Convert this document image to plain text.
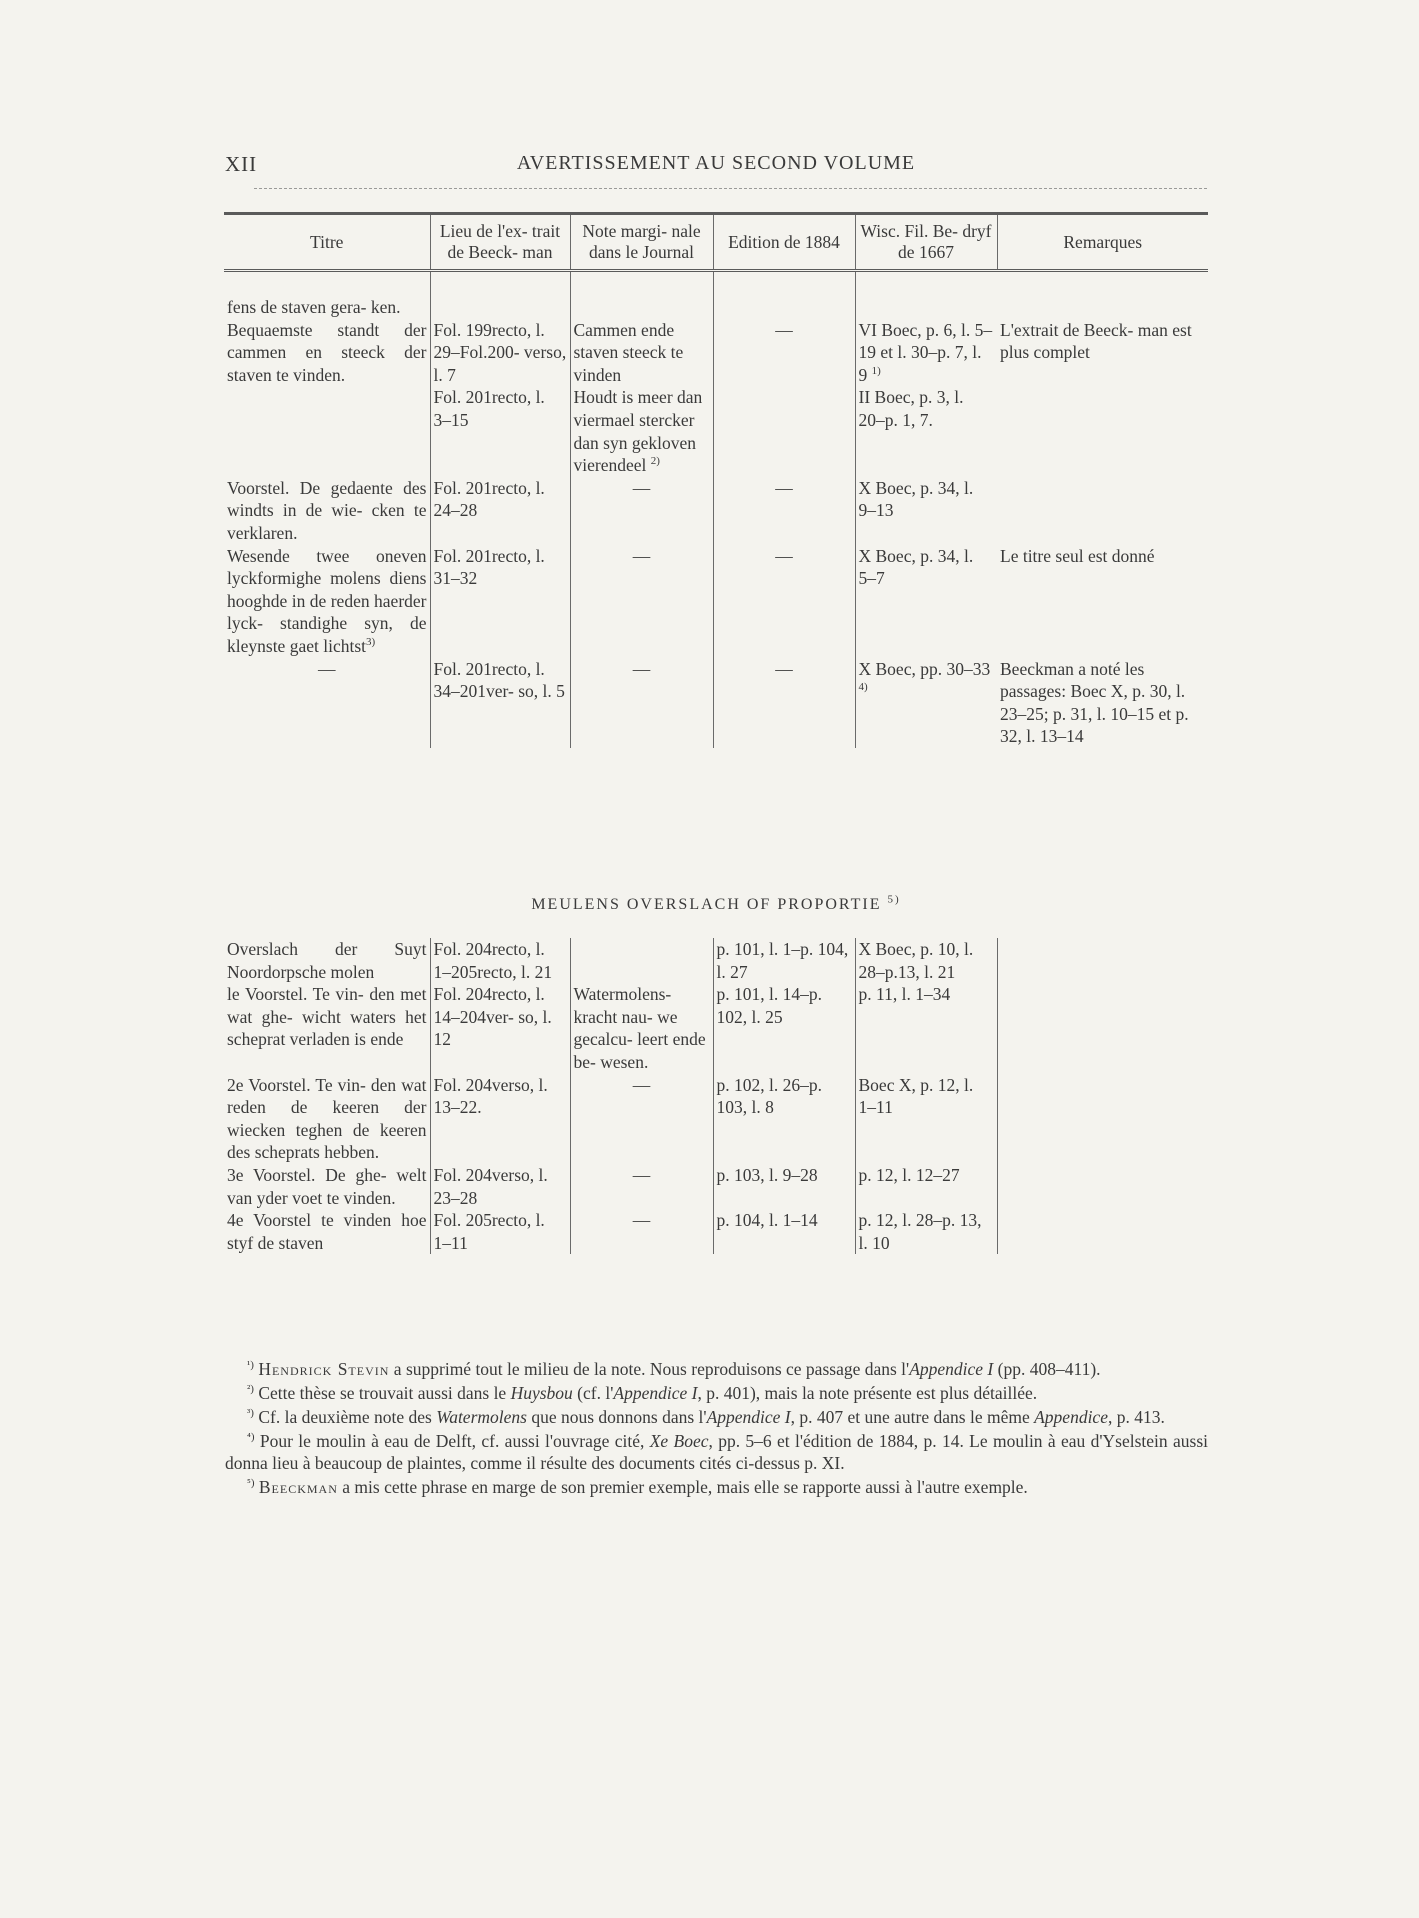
XII	AVERTISSEMENT AU SECOND VOLUME
Titre	Lieu de l'ex- trait de Beeck- man	Note margi- nale dans le Journal	Edition de 1884	Wisc. Fil. Be- dryf de 1667	Remarques

fens de staven gera- ken.					
Bequaemste standt der cammen en steeck der staven te vinden.	Fol. 199recto, l. 29–Fol.200- verso, l. 7	Cammen ende staven steeck te vinden	—	VI Boec, p. 6, l. 5–19 et l. 30–p. 7, l. 9 $^{1)}$	L'extrait de Beeck- man est plus complet
	Fol. 201recto, l. 3–15	Houdt is meer dan viermael stercker dan syn gekloven vierendeel $^{2)}$		II Boec, p. 3, l. 20–p. 1, 7.	
Voorstel. De gedaente des windts in de wie- cken te verklaren.	Fol. 201recto, l. 24–28	—	—	X Boec, p. 34, l. 9–13	
Wesende twee oneven lyckformighe molens diens hooghde in de reden haerder lyck- standighe syn, de kleynste gaet lichtst$^{3)}$	Fol. 201recto, l. 31–32	—	—	X Boec, p. 34, l. 5–7	Le titre seul est donné
—	Fol. 201recto, l. 34–201ver- so, l. 5	—	—	X Boec, pp. 30–33 $^{4)}$	Beeckman a noté les passages: Boec X, p. 30, l. 23–25; p. 31, l. 10–15 et p. 32, l. 13–14
MEULENS OVERSLACH OF PROPORTIE $^{5)}$
Overslach der Suyt Noordorpsche molen	Fol. 204recto, l. 1–205recto, l. 21		p. 101, l. 1–p. 104, l. 27	X Boec, p. 10, l. 28–p.13, l. 21	
le Voorstel. Te vin- den met wat ghe- wicht waters het scheprat verladen is ende	Fol. 204recto, l. 14–204ver- so, l. 12	Watermolens- kracht nau- we gecalcu- leert ende be- wesen.	p. 101, l. 14–p. 102, l. 25	p. 11, l. 1–34	
2e Voorstel. Te vin- den wat reden de keeren der wiecken teghen de keeren des scheprats hebben.	Fol. 204verso, l. 13–22.	—	p. 102, l. 26–p. 103, l. 8	Boec X, p. 12, l. 1–11	
3e Voorstel. De ghe- welt van yder voet te vinden.	Fol. 204verso, l. 23–28	—	p. 103, l. 9–28	p. 12, l. 12–27	
4e Voorstel te vinden hoe styf de staven	Fol. 205recto, l. 1–11	—	p. 104, l. 1–14	p. 12, l. 28–p. 13, l. 10	

$^{^1)}$ Hendrick Stevin a supprimé tout le milieu de la note. Nous reproduisons ce passage dans l'Appendice I (pp. 408–411).

$^{^2)}$ Cette thèse se trouvait aussi dans le Huysbou (cf. l'Appendice I, p. 401), mais la note présente est plus détaillée.

$^{^3)}$ Cf. la deuxième note des Watermolens que nous donnons dans l'Appendice I, p. 407 et une autre dans le même Appendice, p. 413.

$^{^4)}$ Pour le moulin à eau de Delft, cf. aussi l'ouvrage cité, Xe Boec, pp. 5–6 et l'édition de 1884, p. 14. Le moulin à eau d'Yselstein aussi donna lieu à beaucoup de plaintes, comme il résulte des documents cités ci-dessus p. XI.

$^{^5)}$ Beeckman a mis cette phrase en marge de son premier exemple, mais elle se rapporte aussi à l'autre exemple.
